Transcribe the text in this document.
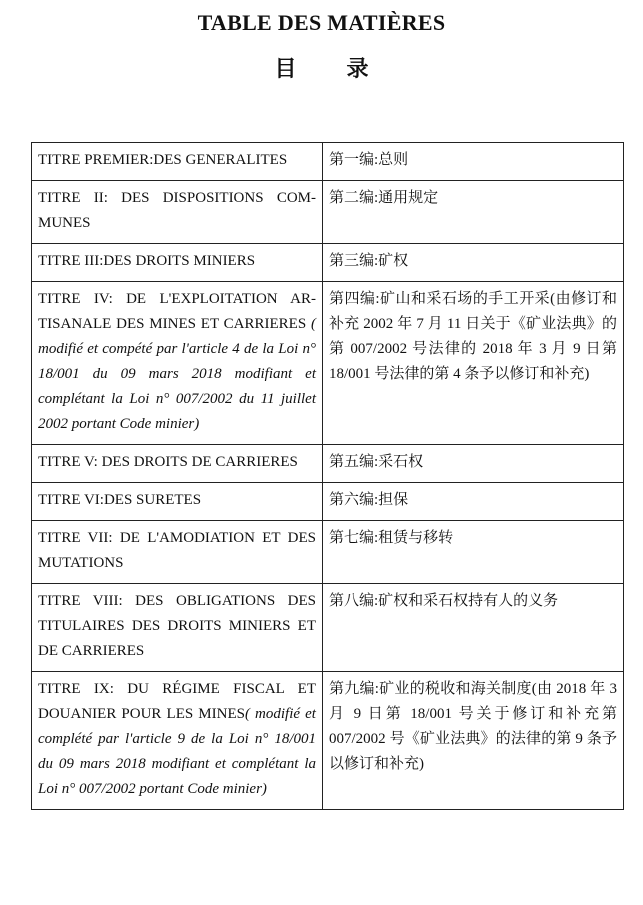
TABLE DES MATIÈRES
目 录
TITRE PREMIER:DES GENERALITES	第一编:总则
TITRE II: DES DISPOSITIONS COMMUNES	第二编:通用规定
TITRE III:DES DROITS MINIERS	第三编:矿权
TITRE IV: DE L'EXPLOITATION ARTISANALE DES MINES ET CARRIERES ( modifié et compété par l'article 4 de la Loi n° 18/001 du 09 mars 2018 modifiant et complétant la Loi n° 007/2002 du 11 juillet 2002 portant Code minier)	第四编:矿山和采石场的手工开采(由修订和补充 2002 年 7 月 11 日关于《矿业法典》的第 007/2002 号法律的 2018 年 3 月 9 日第 18/001 号法律的第 4 条予以修订和补充)
TITRE V: DES DROITS DE CARRIERES	第五编:采石权
TITRE VI:DES SURETES	第六编:担保
TITRE VII: DE L'AMODIATION ET DES MUTATIONS	第七编:租赁与移转
TITRE VIII: DES OBLIGATIONS DES TITULAIRES DES DROITS MINIERS ET DE CARRIERES	第八编:矿权和采石权持有人的义务
TITRE IX: DU RÉGIME FISCAL ET DOUANIER POUR LES MINES( modifié et complété par l'article 9 de la Loi n° 18/001 du 09 mars 2018 modifiant et complétant la Loi n° 007/2002 portant Code minier)	第九编:矿业的税收和海关制度(由 2018 年 3 月 9 日第 18/001 号关于修订和补充第 007/2002 号《矿业法典》的法律的第 9 条予以修订和补充)
